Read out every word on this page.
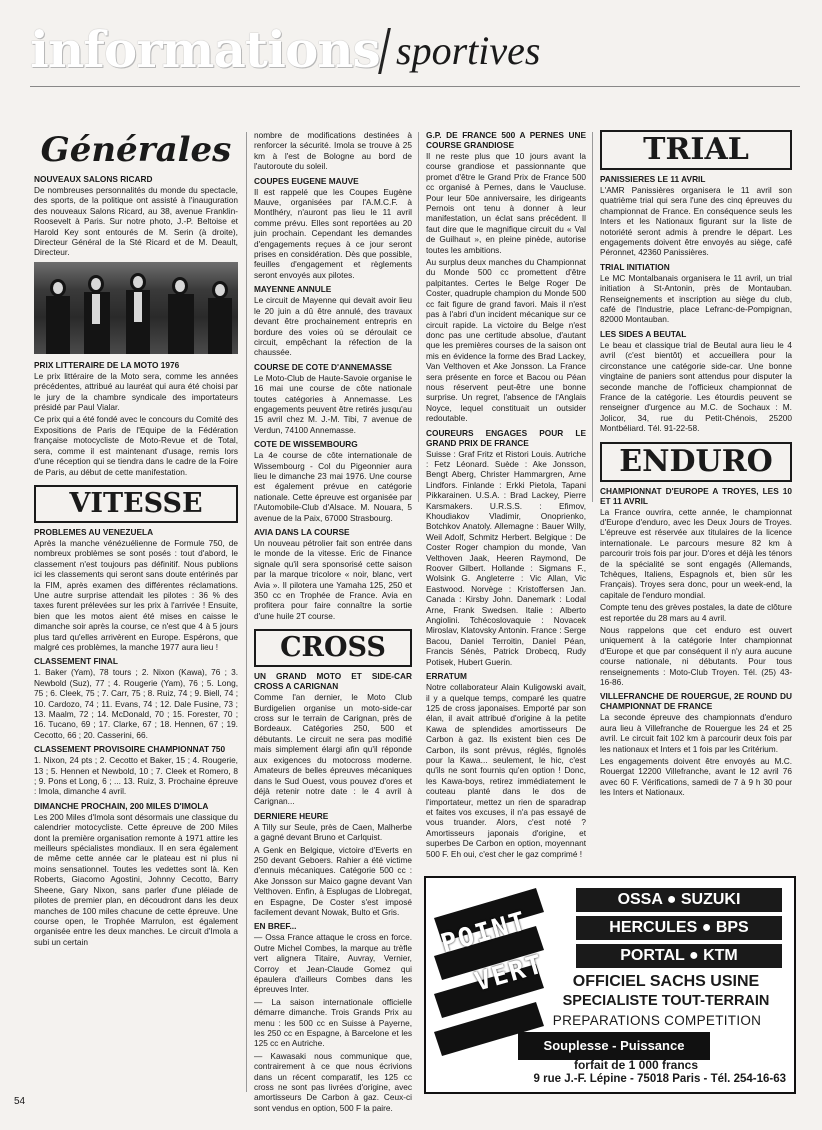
informations sportives
Générales
NOUVEAUX SALONS RICARD

De nombreuses personnalités du monde du spectacle, des sports, de la politique ont assisté à l'inauguration des nouveaux Salons Ricard, au 38, avenue Franklin-Roosevelt à Paris. Sur notre photo, J.-P. Beltoise et Harold Key sont entourés de M. Serin (à droite), Directeur Général de la Sté Ricard et de M. Deault, Directeur.

PRIX LITTERAIRE DE LA MOTO 1976

Le prix littéraire de la Moto sera, comme les années précédentes, attribué au lauréat qui aura été choisi par le jury de la chambre syndicale des importateurs présidé par Paul Vialar.

Ce prix qui a été fondé avec le concours du Comité des Expositions de Paris de l'Equipe de la Fédération française motocycliste de Moto-Revue et de Total, sera, comme il est maintenant d'usage, remis lors d'une réception qui se tiendra dans le cadre de la Foire de Paris, au début de cette manifestation.

VITESSE
PROBLEMES AU VENEZUELA

Après la manche vénézuélienne de Formule 750, de nombreux problèmes se sont posés : tout d'abord, le classement n'est toujours pas définitif. Nous publions ici les classements qui seront sans doute entérinés par la FIM, après examen des différentes réclamations. Une autre surprise attendait les pilotes : 36 % des taxes furent prélevées sur les prix à l'arrivée ! Ensuite, bien que les motos aient été mises en caisse le dimanche soir après la course, ce n'est que 4 à 5 jours plus tard qu'elles arrivèrent en Europe. Espérons, que malgré ces problèmes, la manche 1977 aura lieu !

CLASSEMENT FINAL

1. Baker (Yam), 78 tours ; 2. Nixon (Kawa), 76 ; 3. Newbold (Suz), 77 ; 4. Rougerie (Yam), 76 ; 5. Long, 75 ; 6. Cleek, 75 ; 7. Carr, 75 ; 8. Ruiz, 74 ; 9. Biell, 74 ; 10. Cardozo, 74 ; 11. Evans, 74 ; 12. Dale Fusine, 73 ; 13. Maalm, 72 ; 14. McDonald, 70 ; 15. Forester, 70 ; 16. Tucano, 69 ; 17. Clarke, 67 ; 18. Hennen, 67 ; 19. Cecotto, 66 ; 20. Casserini, 66.

CLASSEMENT PROVISOIRE CHAMPIONNAT 750

1. Nixon, 24 pts ; 2. Cecotto et Baker, 15 ; 4. Rougerie, 13 ; 5. Hennen et Newbold, 10 ; 7. Cleek et Romero, 8 ; 9. Pons et Long, 6 ; ... 13. Ruiz, 3. Prochaine épreuve : Imola, dimanche 4 avril.

DIMANCHE PROCHAIN, 200 MILES D'IMOLA

Les 200 Miles d'Imola sont désormais une classique du calendrier motocycliste. Cette épreuve de 200 Miles dont la première organisation remonte à 1971 attire les meilleurs spécialistes mondiaux. Il en sera également de même cette année car le plateau est ni plus ni moins sensationnel. Toutes les vedettes sont là. Ken Roberts, Giacomo Agostini, Johnny Cecotto, Barry Sheene, Gary Nixon, sans parler d'une pléiade de pilotes de premier plan, en découdront dans les deux manches de 100 miles chacune de cette épreuve. Une course open, le Trophée Marrulon, est également organisée entre les deux manches. Le circuit d'Imola a subi un certain

nombre de modifications destinées à renforcer la sécurité. Imola se trouve à 25 km à l'est de Bologne au bord de l'autoroute du soleil.

COUPES EUGENE MAUVE

Il est rappelé que les Coupes Eugène Mauve, organisées par l'A.M.C.F. à Montlhéry, n'auront pas lieu le 11 avril comme prévu. Elles sont reportées au 20 juin prochain. Cependant les demandes d'engagements reçues à ce jour seront prises en considération. Dès que possible, feuilles d'engagement et règlements seront envoyés aux pilotes.

MAYENNE ANNULE

Le circuit de Mayenne qui devait avoir lieu le 20 juin a dû être annulé, des travaux devant être prochainement entrepris en bordure des voies où se déroulait ce circuit, empêchant la réfection de la chaussée.

COURSE DE COTE D'ANNEMASSE

Le Moto-Club de Haute-Savoie organise le 16 mai une course de côte nationale toutes catégories à Annemasse. Les engagements peuvent être retirés jusqu'au 15 avril chez M. J.-M. Tibi, 7 avenue de Verdun, 74100 Annemasse.

COTE DE WISSEMBOURG

La 4e course de côte internationale de Wissembourg - Col du Pigeonnier aura lieu le dimanche 23 mai 1976. Une course est également prévue en catégorie nationale. Cette épreuve est organisée par l'Automobile-Club d'Alsace. M. Nouara, 5 avenue de la Paix, 67000 Strasbourg.

AVIA DANS LA COURSE

Un nouveau pétrolier fait son entrée dans le monde de la vitesse. Eric de Finance signale qu'il sera sponsorisé cette saison par la marque tricolore « noir, blanc, vert Avia ». Il pilotera une Yamaha 125, 250 et 350 cc en Trophée de France. Avia en profitera pour faire connaître la sortie d'une huile 2T course.

CROSS
UN GRAND MOTO ET SIDE-CAR CROSS A CARIGNAN

Comme l'an dernier, le Moto Club Burdigelien organise un moto-side-car cross sur le terrain de Carignan, près de Bordeaux. Catégories 250, 500 et débutants. Le circuit ne sera pas modifié mais simplement élargi afin qu'il réponde aux exigences du motocross moderne. Amateurs de belles épreuves mécaniques dans le Sud Ouest, vous pouvez d'ores et déjà retenir notre date : le 4 avril à Carignan...

DERNIERE HEURE

A Tilly sur Seule, près de Caen, Malherbe a gagné devant Bruno et Carlquist.

A Genk en Belgique, victoire d'Everts en 250 devant Geboers. Rahier a été victime d'ennuis mécaniques. Catégorie 500 cc : Ake Jonsson sur Maico gagne devant Van Velthoven. Enfin, à Esplugas de Llobregat, en Espagne, De Coster s'est imposé facilement devant Nowak, Bulto et Gris.

EN BREF...

— Ossa France attaque le cross en force. Outre Michel Combes, la marque au trèfle vert alignera Titaire, Auvray, Vernier, Corroy et Jean-Claude Gomez qui épaulera d'ailleurs Combes dans les épreuves Inter.

— La saison internationale officielle démarre dimanche. Trois Grands Prix au menu : les 500 cc en Suisse à Payerne, les 250 cc en Espagne, à Barcelone et les 125 cc en Autriche.

— Kawasaki nous communique que, contrairement à ce que nous écrivions dans un récent comparatif, les 125 cc cross ne sont pas livrées d'origine, avec amortisseurs De Carbon à gaz. Ceux-ci sont vendus en option, 500 F la paire.

G.P. DE FRANCE 500 A PERNES UNE COURSE GRANDIOSE

Il ne reste plus que 10 jours avant la course grandiose et passionnante que promet d'être le Grand Prix de France 500 cc organisé à Pernes, dans le Vaucluse. Pour leur 50e anniversaire, les dirigeants Pernois ont tenu à donner à leur manifestation, un éclat sans précédent. Il faut dire que le magnifique circuit du « Val de Guilhaut », en pleine pinède, autorise toutes les ambitions.

Au surplus deux manches du Championnat du Monde 500 cc promettent d'être palpitantes. Certes le Belge Roger De Coster, quadruple champion du Monde 500 cc fait figure de grand favori. Mais il n'est pas à l'abri d'un incident mécanique sur ce circuit rapide. La victoire du Belge n'est donc pas une certitude absolue, d'autant que les premières courses de la saison ont mis en évidence la forme des Brad Lackey, Van Velthoven et Ake Jonsson. La France sera présente en force et Bacou ou Péan nous réservent peut-être une bonne surprise. Un regret, l'absence de l'Anglais Noyce, lequel constituait un outsider redoutable.

COUREURS ENGAGES POUR LE GRAND PRIX DE FRANCE

Suisse : Graf Fritz et Ristori Louis. Autriche : Fetz Léonard. Suède : Ake Jonsson, Bengt Aberg, Christer Hammargren, Arne Lindfors. Finlande : Erkki Pietola, Tapani Pikkarainen. U.S.A. : Brad Lackey, Pierre Karsmakers. U.R.S.S. : Efimov, Khoudiakov Vladimir, Onoprienko, Botchkov Anatoly. Allemagne : Bauer Willy, Weil Adolf, Schmitz Herbert. Belgique : De Coster Roger champion du monde, Van Velthoven Jaak, Heeren Raymond, De Roover Gilbert. Hollande : Sigmans F., Wolsink G. Angleterre : Vic Allan, Vic Eastwood. Norvège : Kristoffersen Jan. Canada : Kirsby John. Danemark : Lodal Arne, Frank Swedsen. Italie : Alberto Angiolini. Tchécoslovaquie : Novacek Miroslav, Klatovsky Antonin. France : Serge Bacou, Daniel Terroitin, Daniel Péan, Francis Sénès, Patrick Drobecq, Rudy Potisek, Hubert Guerin.

ERRATUM

Notre collaborateur Alain Kuligowski avait, il y a quelque temps, comparé les quatre 125 de cross japonaises. Emporté par son élan, il avait attribué d'origine à la petite Kawa de splendides amortisseurs De Carbon à gaz. Ils existent bien ces De Carbon, ils sont prévus, réglés, fignolés pour la Kawa... seulement, le hic, c'est qu'ils ne sont fournis qu'en option ! Donc, les Kawa-boys, retirez immédiatement le couteau planté dans le dos de l'importateur, mettez un rien de sparadrap et faites vos excuses, il n'a pas essayé de vous truander. Alors, c'est noté ? Amortisseurs japonais d'origine, et superbes De Carbon en option, moyennant 500 F. Eh oui, c'est cher le gaz comprimé !

TRIAL
PANISSIERES LE 11 AVRIL

L'AMR Panissières organisera le 11 avril son quatrième trial qui sera l'une des cinq épreuves du championnat de France. En conséquence seuls les Inters et les Nationaux figurant sur la liste de notoriété seront admis à prendre le départ. Les engagements doivent être envoyés au siège, café Péronnet, 42360 Panissières.

TRIAL INITIATION

Le MC Montalbanais organisera le 11 avril, un trial initiation à St-Antonin, près de Montauban. Renseignements et inscription au siège du club, café de l'Industrie, place Lefranc-de-Pompignan, 82000 Montauban.

LES SIDES A BEUTAL

Le beau et classique trial de Beutal aura lieu le 4 avril (c'est bientôt) et accueillera pour la circonstance une catégorie side-car. Une bonne vingtaine de paniers sont attendus pour disputer la seconde manche de l'officieux championnat de France de la catégorie. Les étourdis peuvent se renseigner d'urgence au M.C. de Sochaux : M. Jolicor, 34, rue du Petit-Chénois, 25200 Montbéliard. Tél. 91-22-58.

ENDURO
CHAMPIONNAT D'EUROPE A TROYES, LES 10 ET 11 AVRIL

La France ouvrira, cette année, le championnat d'Europe d'enduro, avec les Deux Jours de Troyes. L'épreuve est réservée aux titulaires de la licence internationale. Le parcours mesure 82 km à parcourir trois fois par jour. D'ores et déjà les ténors de la spécialité se sont engagés (Allemands, Tchèques, Italiens, Espagnols et, bien sûr les Français). Troyes sera donc, pour un week-end, la capitale de l'enduro mondial.

Compte tenu des grèves postales, la date de clôture est reportée du 28 mars au 4 avril.

Nous rappelons que cet enduro est ouvert uniquement à la catégorie Inter championnat d'Europe et que par conséquent il n'y aura aucune course nationale, ni débutants. Pour tous renseignements : Moto-Club Troyen. Tél. (25) 43-16-86.

VILLEFRANCHE DE ROUERGUE, 2E ROUND DU CHAMPIONNAT DE FRANCE

La seconde épreuve des championnats d'enduro aura lieu à Villefranche de Rouergue les 24 et 25 avril. Le circuit fait 102 km à parcourir deux fois par les nationaux et Inters et 1 fois par les Critérium.

Les engagements doivent être envoyés au M.C. Rouergat 12200 Villefranche, avant le 12 avril 76 avec 60 F. Vérifications, samedi de 7 à 9 h 30 pour les Inters et Nationaux.

POINT
VERT
OSSA ● SUZUKI
HERCULES ● BPS
PORTAL ● KTM
OFFICIEL SACHS USINE
SPECIALISTE TOUT-TERRAIN
PREPARATIONS COMPETITION
Souplesse - Puissance
forfait de 1 000 francs
9 rue J.-F. Lépine - 75018 Paris - Tél. 254-16-63
54
